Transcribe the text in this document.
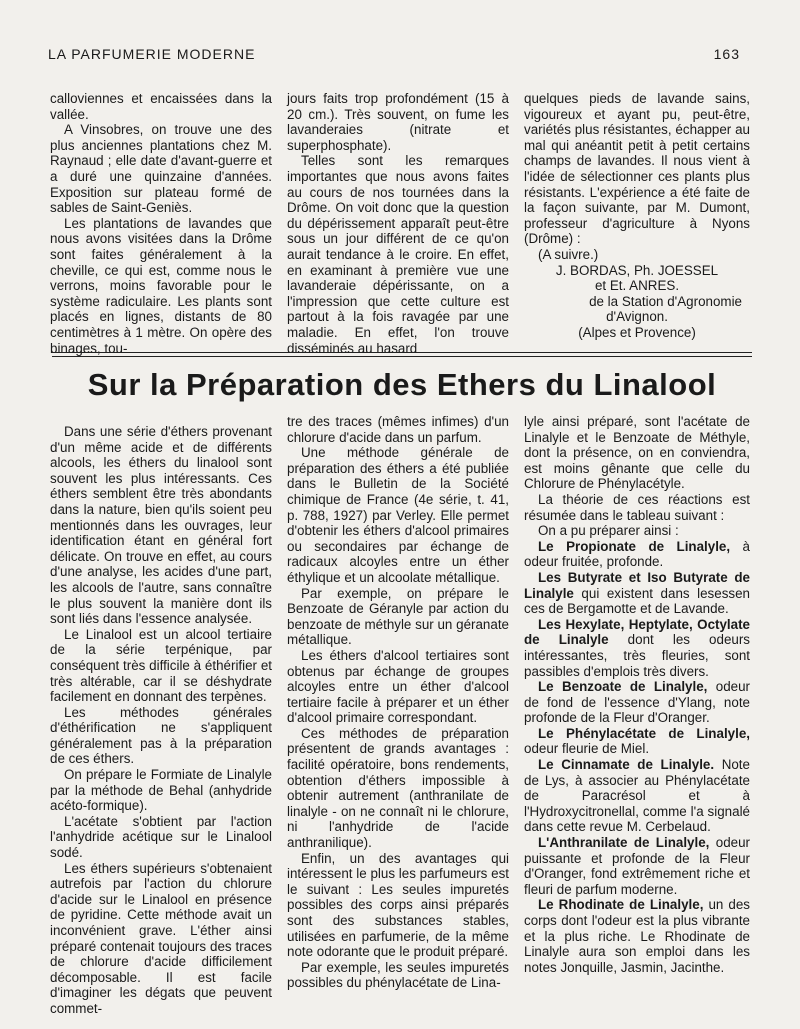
LA PARFUMERIE MODERNE	163

calloviennes et encaissées dans la vallée.

A Vinsobres, on trouve une des plus anciennes plantations chez M. Raynaud ; elle date d'avant-guerre et a duré une quinzaine d'années. Exposition sur plateau formé de sables de Saint-Geniès.

Les plantations de lavandes que nous avons visitées dans la Drôme sont faites généralement à la cheville, ce qui est, comme nous le verrons, moins favorable pour le système radiculaire. Les plants sont placés en lignes, distants de 80 centimètres à 1 mètre. On opère des binages, tou-

jours faits trop profondément (15 à 20 cm.). Très souvent, on fume les lavanderaies (nitrate et superphosphate).

Telles sont les remarques importantes que nous avons faites au cours de nos tournées dans la Drôme. On voit donc que la question du dépérissement apparaît peut-être sous un jour différent de ce qu'on aurait tendance à le croire. En effet, en examinant à première vue une lavanderaie dépérissante, on a l'impression que cette culture est partout à la fois ravagée par une maladie. En effet, l'on trouve disséminés au hasard

quelques pieds de lavande sains, vigoureux et ayant pu, peut-être, variétés plus résistantes, échapper au mal qui anéantit petit à petit certains champs de lavandes. Il nous vient à l'idée de sélectionner ces plants plus résistants. L'expérience a été faite de la façon suivante, par M. Dumont, professeur d'agriculture à Nyons (Drôme) :

(A suivre.)

J. BORDAS, Ph. JOESSEL

et Et. ANRES.

de la Station d'Agronomie

d'Avignon.

(Alpes et Provence)

Sur la Préparation des Ethers du Linalool

Dans une série d'éthers provenant d'un même acide et de différents alcools, les éthers du linalool sont souvent les plus intéressants. Ces éthers semblent être très abondants dans la nature, bien qu'ils soient peu mentionnés dans les ouvrages, leur identification étant en général fort délicate. On trouve en effet, au cours d'une analyse, les acides d'une part, les alcools de l'autre, sans connaître le plus souvent la manière dont ils sont liés dans l'essence analysée.

Le Linalool est un alcool tertiaire de la série terpénique, par conséquent très difficile à éthérifier et très altérable, car il se déshydrate facilement en donnant des terpènes.

Les méthodes générales d'éthérification ne s'appliquent généralement pas à la préparation de ces éthers.

On prépare le Formiate de Linalyle par la méthode de Behal (anhydride acéto-formique).

L'acétate s'obtient par l'action l'anhydride acétique sur le Linalool sodé.

Les éthers supérieurs s'obtenaient autrefois par l'action du chlorure d'acide sur le Linalool en présence de pyridine. Cette méthode avait un inconvénient grave. L'éther ainsi préparé contenait toujours des traces de chlorure d'acide difficilement décomposable. Il est facile d'imaginer les dégats que peuvent commet-

tre des traces (mêmes infimes) d'un chlorure d'acide dans un parfum.

Une méthode générale de préparation des éthers a été publiée dans le Bulletin de la Société chimique de France (4e série, t. 41, p. 788, 1927) par Verley. Elle permet d'obtenir les éthers d'alcool primaires ou secondaires par échange de radicaux alcoyles entre un éther éthylique et un alcoolate métallique.

Par exemple, on prépare le Benzoate de Géranyle par action du benzoate de méthyle sur un géranate métallique.

Les éthers d'alcool tertiaires sont obtenus par échange de groupes alcoyles entre un éther d'alcool tertiaire facile à préparer et un éther d'alcool primaire correspondant.

Ces méthodes de préparation présentent de grands avantages : facilité opératoire, bons rendements, obtention d'éthers impossible à obtenir autrement (anthranilate de linalyle - on ne connaît ni le chlorure, ni l'anhydride de l'acide anthranilique).

Enfin, un des avantages qui intéressent le plus les parfumeurs est le suivant : Les seules impuretés possibles des corps ainsi préparés sont des substances stables, utilisées en parfumerie, de la même note odorante que le produit préparé.

Par exemple, les seules impuretés possibles du phénylacétate de Lina-

lyle ainsi préparé, sont l'acétate de Linalyle et le Benzoate de Méthyle, dont la présence, on en conviendra, est moins gênante que celle du Chlorure de Phénylacétyle.

La théorie de ces réactions est résumée dans le tableau suivant :

On a pu préparer ainsi :

Le Propionate de Linalyle, à odeur fruitée, profonde.

Les Butyrate et Iso Butyrate de Linalyle qui existent dans lesessen ces de Bergamotte et de Lavande.

Les Hexylate, Heptylate, Octylate de Linalyle dont les odeurs intéressantes, très fleuries, sont passibles d'emplois très divers.

Le Benzoate de Linalyle, odeur de fond de l'essence d'Ylang, note profonde de la Fleur d'Oranger.

Le Phénylacétate de Linalyle, odeur fleurie de Miel.

Le Cinnamate de Linalyle. Note de Lys, à associer au Phénylacétate de Paracrésol et à l'Hydroxycitronellal, comme l'a signalé dans cette revue M. Cerbelaud.

L'Anthranilate de Linalyle, odeur puissante et profonde de la Fleur d'Oranger, fond extrêmement riche et fleuri de parfum moderne.

Le Rhodinate de Linalyle, un des corps dont l'odeur est la plus vibrante et la plus riche. Le Rhodinate de Linalyle aura son emploi dans les notes Jonquille, Jasmin, Jacinthe.
